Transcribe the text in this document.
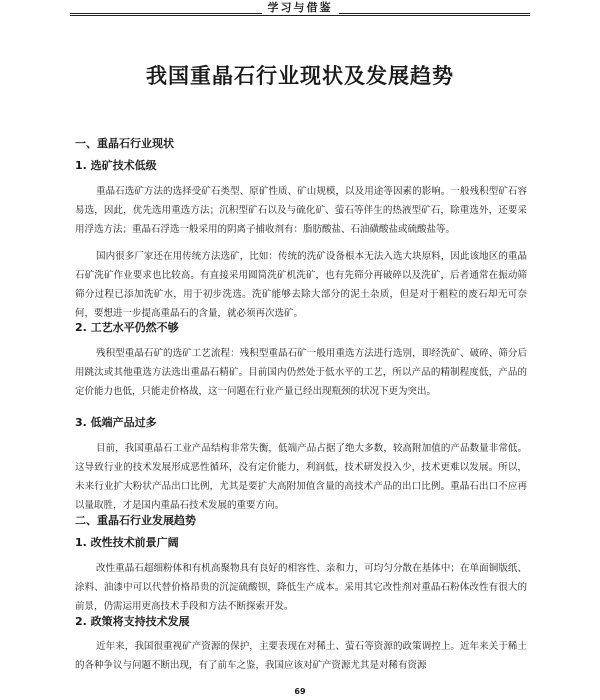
学习与借鉴
我国重晶石行业现状及发展趋势
一、重晶石行业现状
1. 选矿技术低级
重晶石选矿方法的选择受矿石类型、原矿性质、矿山规模，以及用途等因素的影响。一般残积型矿石容易选，因此，优先选用重选方法；沉积型矿石以及与硫化矿、萤石等伴生的热液型矿石，除重选外，还要采用浮选方法；重晶石浮选一般采用的阴离子捕收剂有：脂肪酸盐、石油磺酸盐或硫酸盐等。
国内很多厂家还在用传统方法选矿，比如：传统的洗矿设备根本无法入选大块原料，因此该地区的重晶石矿洗矿作业要求也比较高。有直接采用圆筒洗矿机洗矿，也有先筛分再破碎以及洗矿，后者通常在振动筛筛分过程已添加洗矿水，用于初步洗选。洗矿能够去除大部分的泥土杂质，但是对于粗粒的废石却无可奈何，要想进一步提高重晶石的含量，就必须再次选矿。
2. 工艺水平仍然不够
残积型重晶石矿的选矿工艺流程：残积型重晶石矿一般用重选方法进行选别，即经洗矿、破碎、筛分后用跳汰或其他重选方法选出重晶石精矿。目前国内仍然处于低水平的工艺，所以产品的精制程度低，产品的定价能力也低，只能走价格战，这一问题在行业产量已经出现瓶颈的状况下更为突出。
3. 低端产品过多
目前，我国重晶石工业产品结构非常失衡，低端产品占据了绝大多数，较高附加值的产品数量非常低。这导致行业的技术发展形成恶性循环，没有定价能力，利润低，技术研发投入少，技术更难以发展。所以，未来行业扩大粉状产品出口比例，尤其是要扩大高附加值含量的高技术产品的出口比例。重晶石出口不应再以量取胜，才是国内重晶石技术发展的重要方向。
二、重晶石行业发展趋势
1. 改性技术前景广阔
改性重晶石超细粉体和有机高聚物具有良好的相容性、亲和力，可均匀分散在基体中；在单面铜版纸、涂料、油漆中可以代替价格昂贵的沉淀硫酸钡，降低生产成本。采用其它改性剂对重晶石粉体改性有很大的前景，仍需运用更高技术手段和方法不断探索开发。
2. 政策将支持技术发展
近年来，我国很重视矿产资源的保护，主要表现在对稀土、萤石等资源的政策调控上。近年来关于稀土的各种争议与问题不断出现，有了前车之鉴，我国应该对矿产资源尤其是对稀有资源
69
